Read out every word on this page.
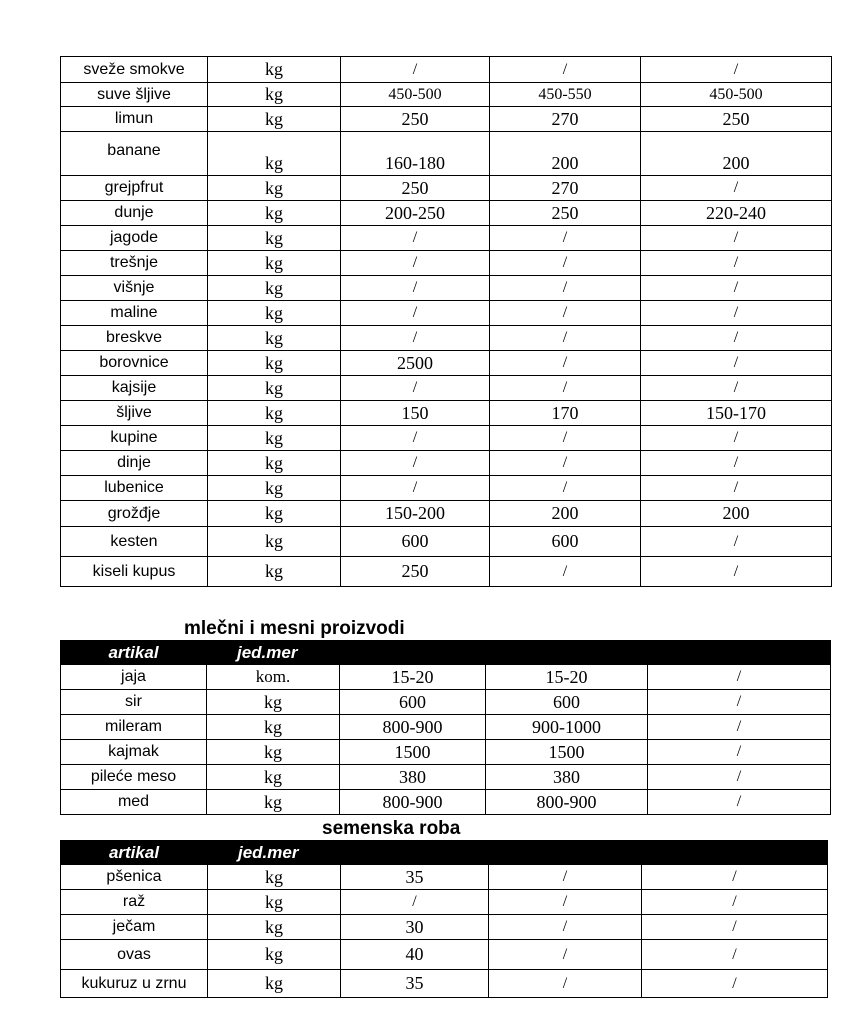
sveže smokve	kg	/	/	/
suve šljive	kg	450-500	450-550	450-500
limun	kg	250	270	250
banane	kg	160-180	200	200
grejpfrut	kg	250	270	/
dunje	kg	200-250	250	220-240
jagode	kg	/	/	/
trešnje	kg	/	/	/
višnje	kg	/	/	/
maline	kg	/	/	/
breskve	kg	/	/	/
borovnice	kg	2500	/	/
kajsije	kg	/	/	/
šljive	kg	150	170	150-170
kupine	kg	/	/	/
dinje	kg	/	/	/
lubenice	kg	/	/	/
grožđje	kg	150-200	200	200
kesten	kg	600	600	/
kiseli kupus	kg	250	/	/
mlečni i mesni proizvodi
artikal	jed.mer			
jaja	kom.	15-20	15-20	/
sir	kg	600	600	/
mileram	kg	800-900	900-1000	/
kajmak	kg	1500	1500	/
pileće meso	kg	380	380	/
med	kg	800-900	800-900	/
semenska roba
artikal	jed.mer			
pšenica	kg	35	/	/
raž	kg	/	/	/
ječam	kg	30	/	/
ovas	kg	40	/	/
kukuruz u zrnu	kg	35	/	/
